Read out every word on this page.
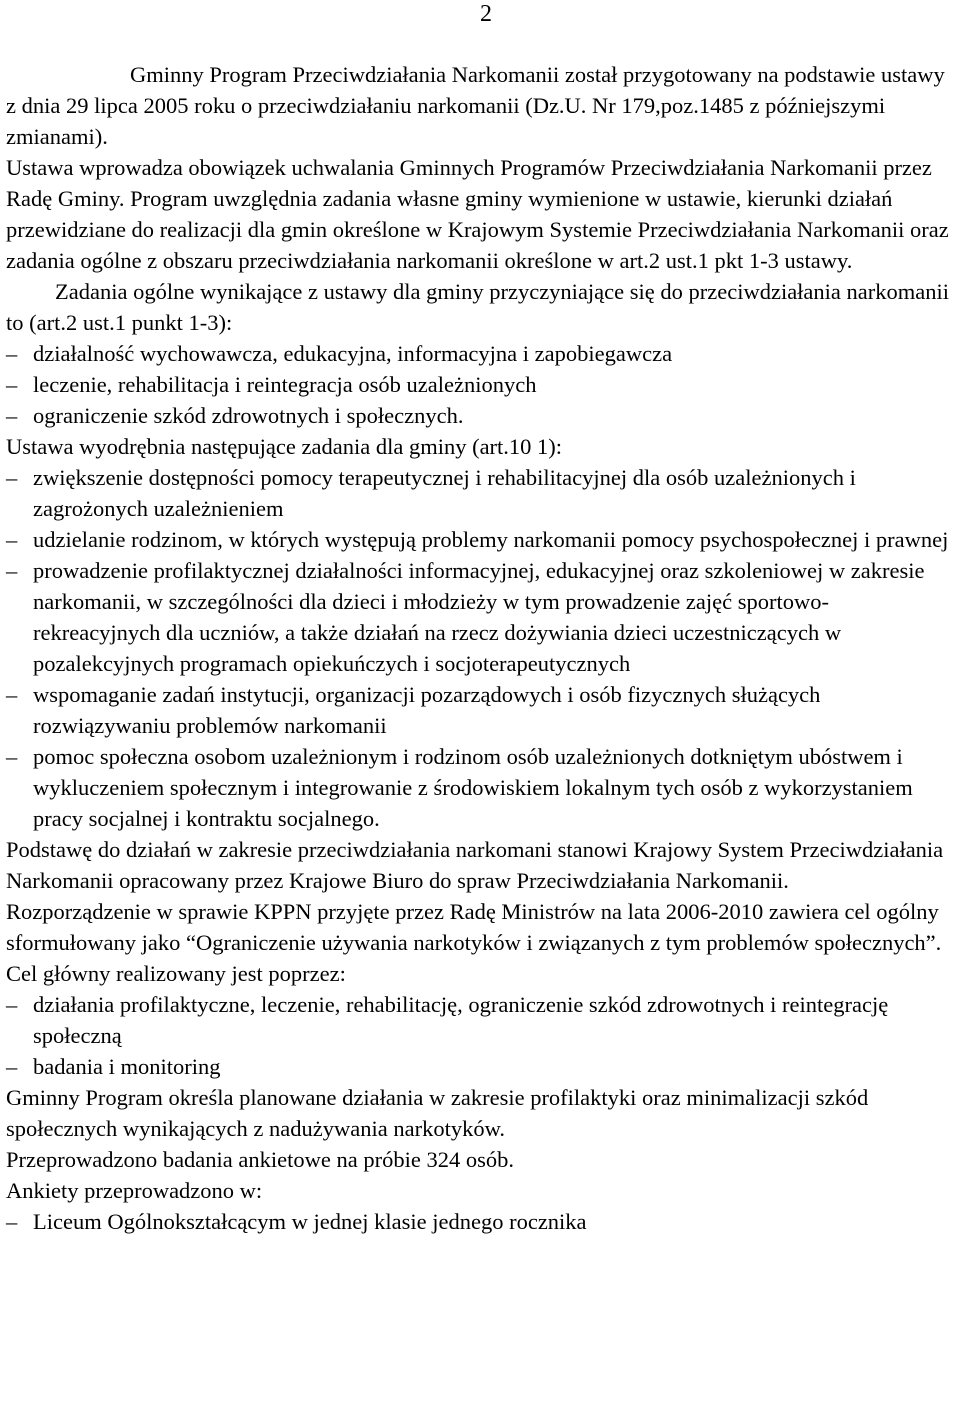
2

Gminny Program Przeciwdziałania Narkomanii został przygotowany na podstawie ustawy z dnia 29 lipca 2005 roku o przeciwdziałaniu narkomanii (Dz.U. Nr 179,poz.1485 z późniejszymi zmianami).

Ustawa wprowadza obowiązek uchwalania Gminnych Programów Przeciwdziałania Narkomanii przez Radę Gminy. Program uwzględnia zadania własne gminy wymienione w ustawie, kierunki działań przewidziane do realizacji dla gmin określone w Krajowym Systemie Przeciwdziałania Narkomanii oraz zadania ogólne z obszaru przeciwdziałania narkomanii określone w art.2 ust.1 pkt 1-3 ustawy.

Zadania ogólne wynikające z ustawy dla gminy przyczyniające się do przeciwdziałania narkomanii to (art.2 ust.1 punkt 1-3):

– działalność wychowawcza, edukacyjna, informacyjna i zapobiegawcza
– leczenie, rehabilitacja i reintegracja osób uzależnionych
– ograniczenie szkód zdrowotnych i społecznych.

Ustawa wyodrębnia następujące zadania dla gminy (art.10 1):

– zwiększenie dostępności pomocy terapeutycznej i rehabilitacyjnej dla osób uzależnionych i zagrożonych uzależnieniem
– udzielanie rodzinom, w których występują problemy narkomanii pomocy psychospołecznej i prawnej
– prowadzenie profilaktycznej działalności informacyjnej, edukacyjnej oraz szkoleniowej w zakresie narkomanii, w szczególności dla dzieci i młodzieży w tym prowadzenie zajęć sportowo-rekreacyjnych dla uczniów, a także działań na rzecz dożywiania dzieci uczestniczących w pozalekcyjnych programach opiekuńczych i socjoterapeutycznych
– wspomaganie zadań instytucji, organizacji pozarządowych i osób fizycznych służących rozwiązywaniu problemów narkomanii
– pomoc społeczna osobom uzależnionym i rodzinom osób uzależnionych dotkniętym ubóstwem i wykluczeniem społecznym i integrowanie z środowiskiem lokalnym tych osób z wykorzystaniem pracy socjalnej i kontraktu socjalnego.

Podstawę do działań w zakresie przeciwdziałania narkomani stanowi Krajowy System Przeciwdziałania Narkomanii opracowany przez Krajowe Biuro do spraw Przeciwdziałania Narkomanii.

Rozporządzenie w sprawie KPPN przyjęte przez Radę Ministrów na lata 2006-2010 zawiera cel ogólny sformułowany jako “Ograniczenie używania narkotyków i związanych z tym problemów społecznych”.

Cel główny realizowany jest poprzez:

– działania profilaktyczne, leczenie, rehabilitację, ograniczenie szkód zdrowotnych i reintegrację społeczną
– badania i monitoring

Gminny Program określa planowane działania w zakresie profilaktyki oraz minimalizacji szkód społecznych wynikających z nadużywania narkotyków.

Przeprowadzono badania ankietowe na próbie 324 osób.

Ankiety przeprowadzono w:

– Liceum Ogólnokształcącym w jednej klasie jednego rocznika
